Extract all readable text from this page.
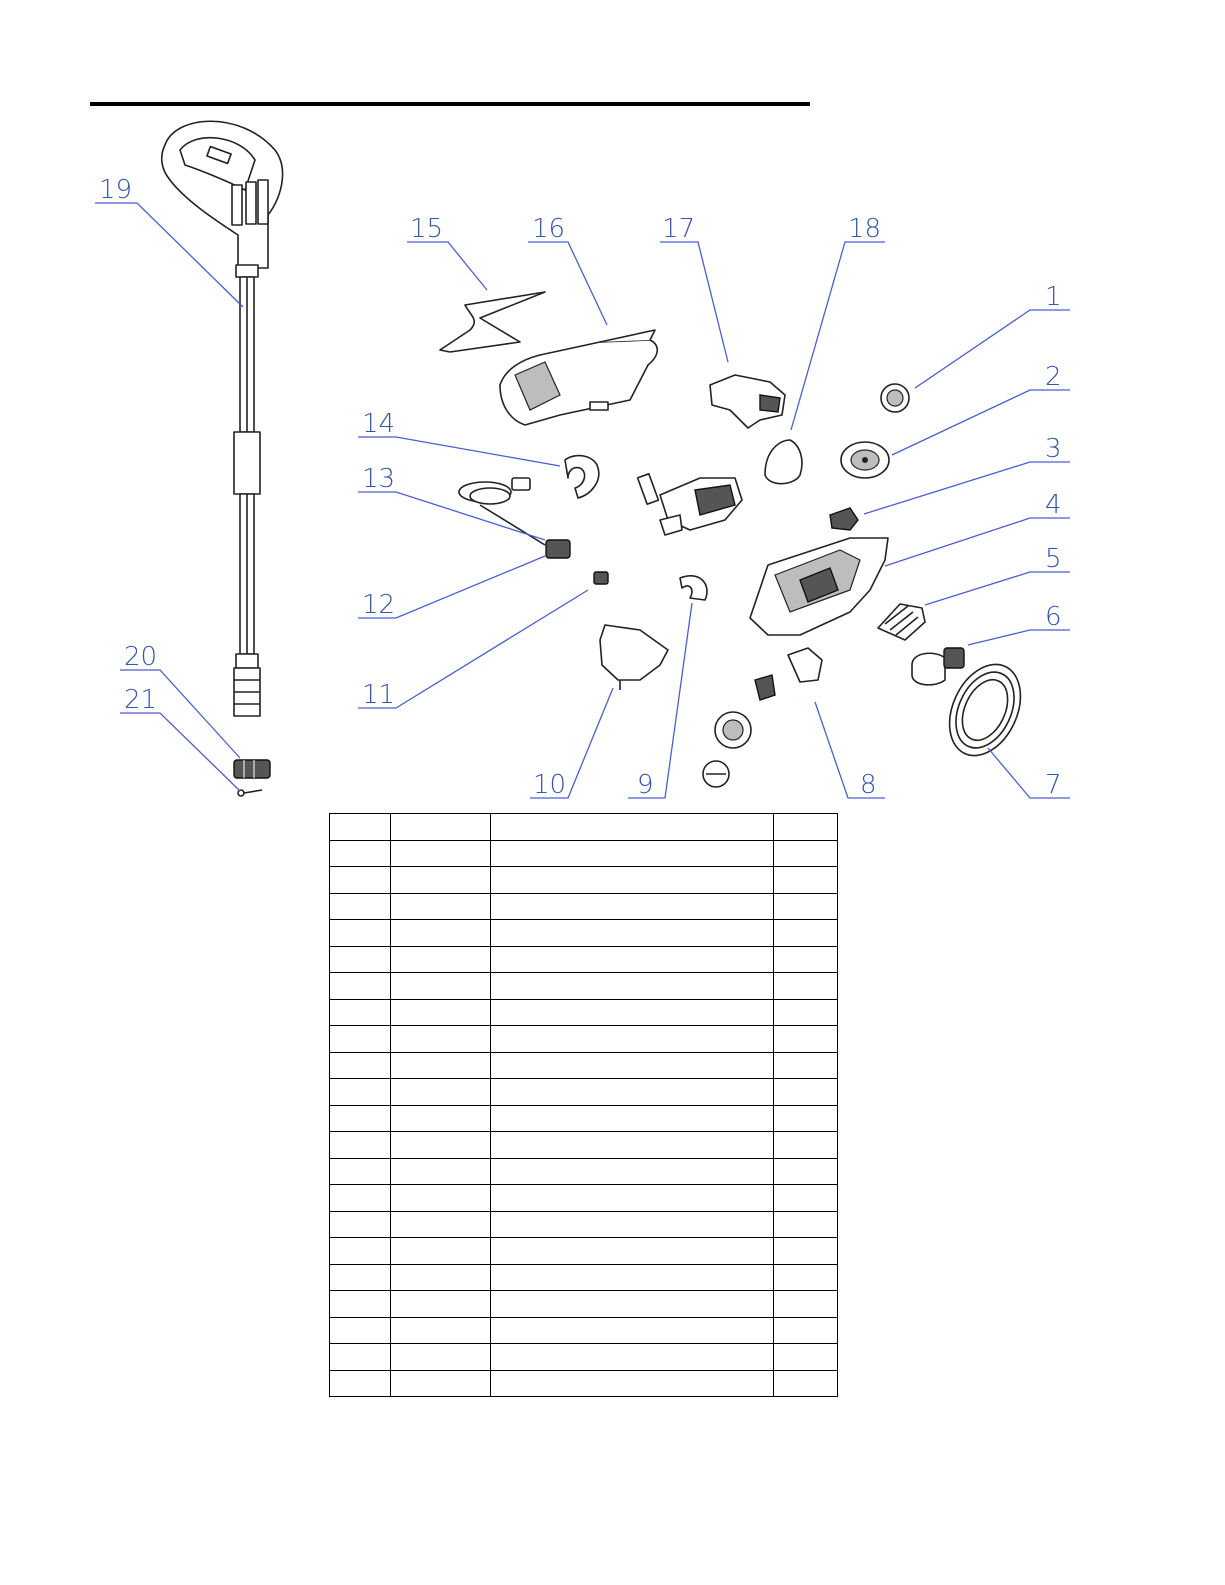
1
2
3
4
5
6
7
8
9
10
11
12
13
14
15	16	17	18
19
20
21
